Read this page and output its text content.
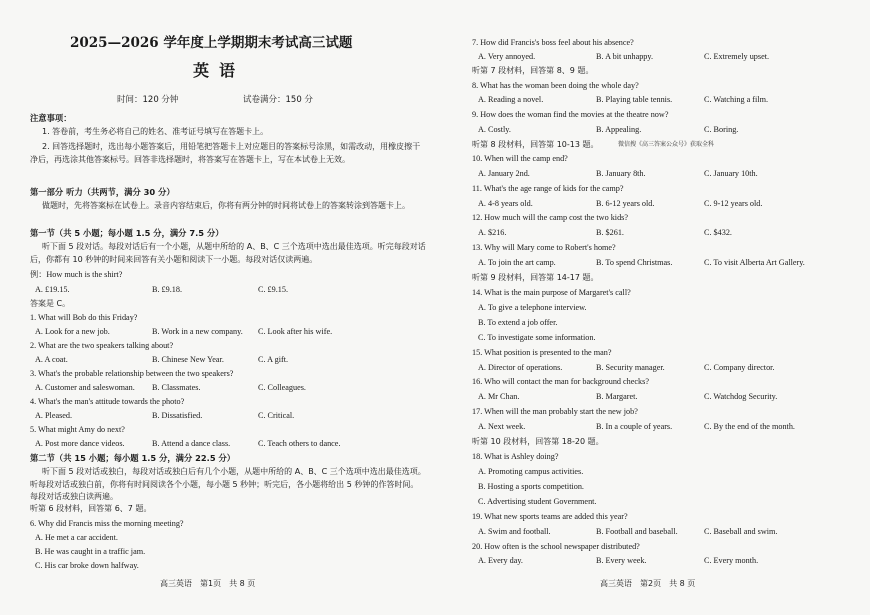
2025—2026 学年度上学期期末考试高三试题
英语
时间：120 分钟	试卷满分：150 分
注意事项：
1. 答卷前，考生务必将自己的姓名、准考证号填写在答题卡上。
2. 回答选择题时，选出每小题答案后，用铅笔把答题卡上对应题目的答案标号涂黑，如需改动，用橡皮擦干净后，再选涂其他答案标号。回答非选择题时，将答案写在答题卡上，写在本试卷上无效。
第一部分 听力（共两节，满分 30 分）
做题时，先将答案标在试卷上。录音内容结束后，你将有两分钟的时间将试卷上的答案转涂到答题卡上。
第一节（共 5 小题；每小题 1.5 分，满分 7.5 分）
听下面 5 段对话。每段对话后有一个小题，从题中所给的 A、B、C 三个选项中选出最佳选项。听完每段对话后，你都有 10 秒钟的时间来回答有关小题和阅读下一小题。每段对话仅读两遍。
例：How much is the shirt?
A. £19.15.	B. £9.18.	C. £9.15.
答案是 C。
1. What will Bob do this Friday?
A. Look for a new job.	B. Work in a new company. C. Look after his wife.
2. What are the two speakers talking about?
A. A coat.	B. Chinese New Year.	C. A gift.
3. What's the probable relationship between the two speakers?
A. Customer and saleswoman. B. Classmates.	C. Colleagues.
4. What's the man's attitude towards the photo?
A. Pleased.	B. Dissatisfied.	C. Critical.
5. What might Amy do next?
A. Post more dance videos.	B. Attend a dance class.	C. Teach others to dance.
第二节（共 15 小题；每小题 1.5 分，满分 22.5 分）
听下面 5 段对话或独白，每段对话或独白后有几个小题，从题中所给的 A、B、C 三个选项中选出最佳选项。听每段对话或独白前，你将有时间阅读各个小题，每小题 5 秒钟；听完后，各小题将给出 5 秒钟的作答时间。每段对话或独白读两遍。
听第 6 段材料，回答第 6、7 题。
6. Why did Francis miss the morning meeting?
A. He met a car accident.
B. He was caught in a traffic jam.
C. His car broke down halfway.
高三英语　第1页　共 8 页
7. How did Francis's boss feel about his absence?
A. Very annoyed.	B. A bit unhappy.	C. Extremely upset.
听第 7 段材料，回答第 8、9 题。
8. What has the woman been doing the whole day?
A. Reading a novel.	B. Playing table tennis.	C. Watching a film.
9. How does the woman find the movies at the theatre now?
A. Costly.	B. Appealing.	C. Boring.
听第 8 段材料，回答第 10-13 题。	微信搜《高三答案公众号》获取全科
10. When will the camp end?
A. January 2nd.	B. January 8th.	C. January 10th.
11. What's the age range of kids for the camp?
A. 4-8 years old.	B. 6-12 years old.	C. 9-12 years old.
12. How much will the camp cost the two kids?
A. $216.	B. $261.	C. $432.
13. Why will Mary come to Robert's home?
A. To join the art camp.	B. To spend Christmas.	C. To visit Alberta Art Gallery.
听第 9 段材料，回答第 14-17 题。
14. What is the main purpose of Margaret's call?
A. To give a telephone interview.
B. To extend a job offer.
C. To investigate some information.
15. What position is presented to the man?
A. Director of operations.	B. Security manager.	C. Company director.
16. Who will contact the man for background checks?
A. Mr Chan.	B. Margaret.	C. Watchdog Security.
17. When will the man probably start the new job?
A. Next week.	B. In a couple of years.	C. By the end of the month.
听第 10 段材料，回答第 18-20 题。
18. What is Ashley doing?
A. Promoting campus activities.
B. Hosting a sports competition.
C. Advertising student Government.
19. What new sports teams are added this year?
A. Swim and football.	B. Football and baseball.	C. Baseball and swim.
20. How often is the school newspaper distributed?
A. Every day.	B. Every week.	C. Every month.
高三英语　第2页　共 8 页
